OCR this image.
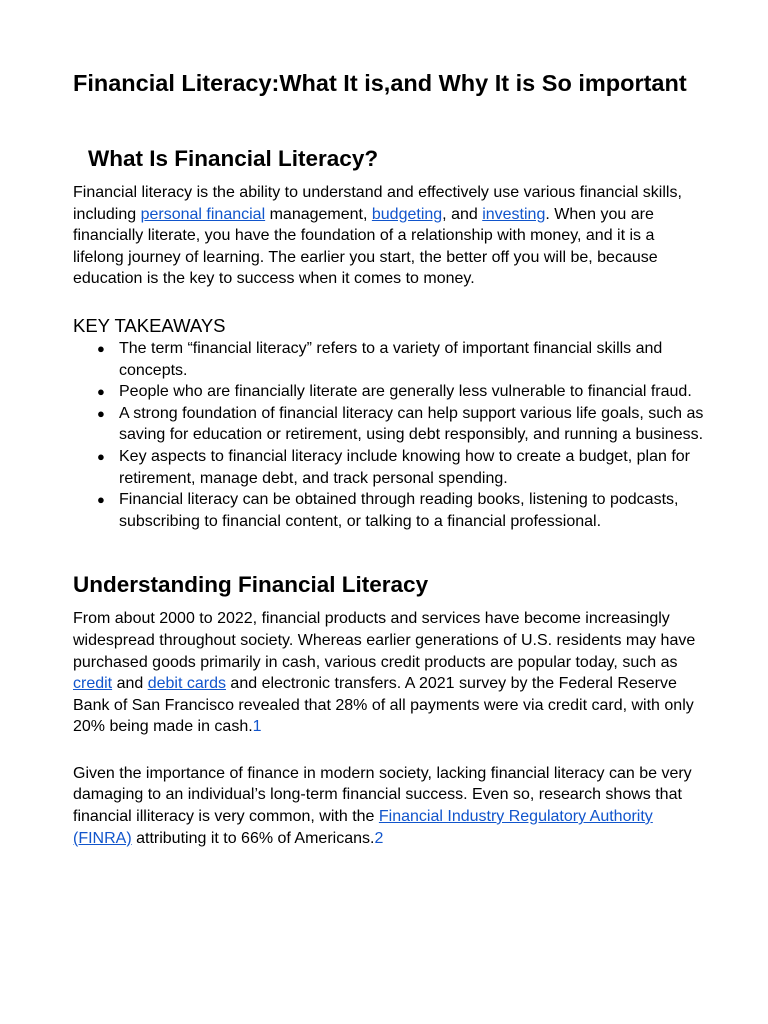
Financial Literacy:What It is,and Why It is So important
What Is Financial Literacy?

Financial literacy is the ability to understand and effectively use various financial skills, including personal financial management, budgeting, and investing. When you are financially literate, you have the foundation of a relationship with money, and it is a lifelong journey of learning. The earlier you start, the better off you will be, because education is the key to success when it comes to money.

KEY TAKEAWAYS
● The term “financial literacy” refers to a variety of important financial skills and concepts.
● People who are financially literate are generally less vulnerable to financial fraud.
● A strong foundation of financial literacy can help support various life goals, such as saving for education or retirement, using debt responsibly, and running a business.
● Key aspects to financial literacy include knowing how to create a budget, plan for retirement, manage debt, and track personal spending.
● Financial literacy can be obtained through reading books, listening to podcasts, subscribing to financial content, or talking to a financial professional.
Understanding Financial Literacy

From about 2000 to 2022, financial products and services have become increasingly widespread throughout society. Whereas earlier generations of U.S. residents may have purchased goods primarily in cash, various credit products are popular today, such as credit and debit cards and electronic transfers. A 2021 survey by the Federal Reserve Bank of San Francisco revealed that 28% of all payments were via credit card, with only 20% being made in cash.1

Given the importance of finance in modern society, lacking financial literacy can be very damaging to an individual’s long-term financial success. Even so, research shows that financial illiteracy is very common, with the Financial Industry Regulatory Authority (FINRA) attributing it to 66% of Americans.2
